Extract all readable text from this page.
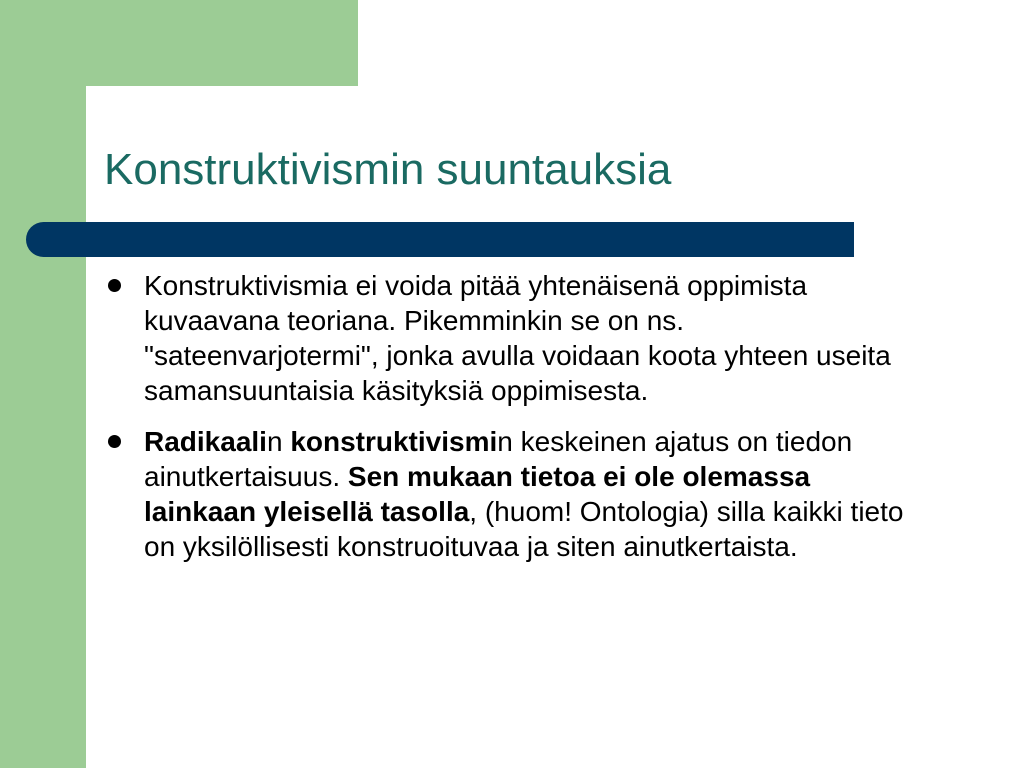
Konstruktivismin suuntauksia
Konstruktivismia ei voida pitää yhtenäisenä oppimista kuvaavana teoriana. Pikemminkin se on ns. "sateenvarjotermi", jonka avulla voidaan koota yhteen useita samansuuntaisia käsityksiä oppimisesta.
Radikaalin konstruktivismin keskeinen ajatus on tiedon ainutkertaisuus. Sen mukaan tietoa ei ole olemassa lainkaan yleisellä tasolla, (huom! Ontologia) silla kaikki tieto on yksilöllisesti konstruoituvaa ja siten ainutkertaista.
